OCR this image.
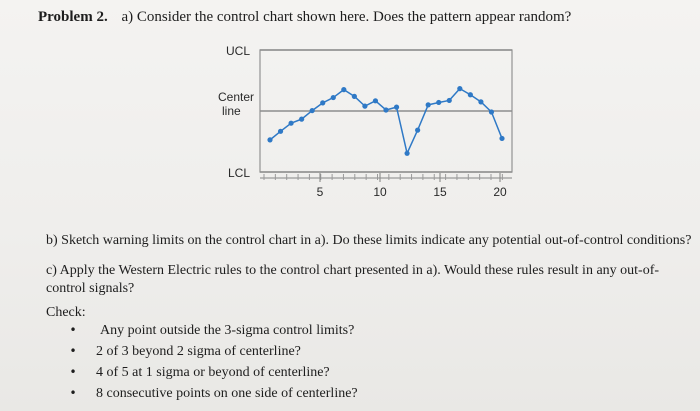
Problem 2. a) Consider the control chart shown here. Does the pattern appear random?
UCL
Center line
LCL
5	10	15	20
b) Sketch warning limits on the control chart in a). Do these limits indicate any potential out-of-control conditions?
c) Apply the Western Electric rules to the control chart presented in a). Would these rules result in any out-of-control signals?
Check:
• Any point outside the 3-sigma control limits?
• 2 of 3 beyond 2 sigma of centerline?
• 4 of 5 at 1 sigma or beyond of centerline?
• 8 consecutive points on one side of centerline?
